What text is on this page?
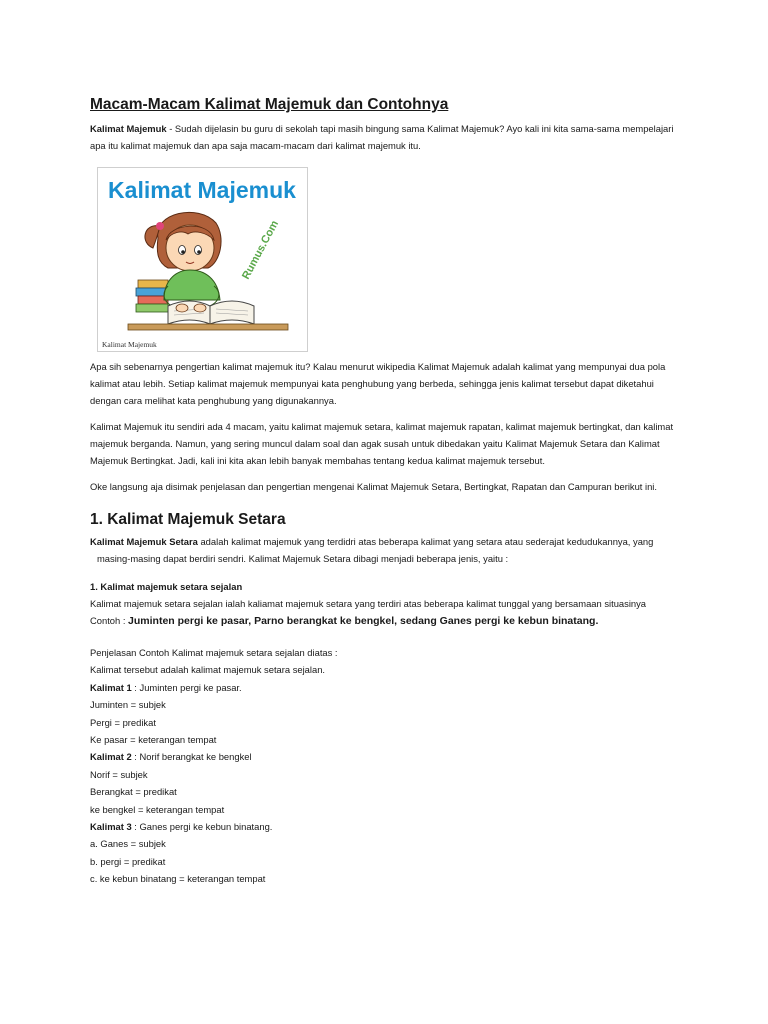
Macam-Macam Kalimat Majemuk dan Contohnya

Kalimat Majemuk - Sudah dijelasin bu guru di sekolah tapi masih bingung sama Kalimat Majemuk? Ayo kali ini kita sama-sama mempelajari

apa itu kalimat majemuk dan apa saja macam-macam dari kalimat majemuk itu.

Kalimat Majemuk
Rumus.Com
Kalimat Majemuk

Apa sih sebenarnya pengertian kalimat majemuk itu? Kalau menurut wikipedia Kalimat Majemuk adalah kalimat yang mempunyai dua pola

kalimat atau lebih. Setiap kalimat majemuk mempunyai kata penghubung yang berbeda, sehingga jenis kalimat tersebut dapat diketahui

dengan cara melihat kata penghubung yang digunakannya.

Kalimat Majemuk itu sendiri ada 4 macam, yaitu kalimat majemuk setara, kalimat majemuk rapatan, kalimat majemuk bertingkat, dan kalimat

majemuk berganda. Namun, yang sering muncul dalam soal dan agak susah untuk dibedakan yaitu Kalimat Majemuk Setara dan Kalimat

Majemuk Bertingkat. Jadi, kali ini kita akan lebih banyak membahas tentang kedua kalimat majemuk tersebut.

Oke langsung aja disimak penjelasan dan pengertian mengenai Kalimat Majemuk Setara, Bertingkat, Rapatan dan Campuran berikut ini.

1. Kalimat Majemuk Setara

Kalimat Majemuk Setara adalah kalimat majemuk yang terdidri atas beberapa kalimat yang setara atau sederajat kedudukannya, yang

masing-masing dapat berdiri sendri. Kalimat Majemuk Setara dibagi menjadi beberapa jenis, yaitu :

1. Kalimat majemuk setara sejalan

Kalimat majemuk setara sejalan ialah kaliamat majemuk setara yang terdiri atas beberapa kalimat tunggal yang bersamaan situasinya

Contoh : Juminten pergi ke pasar, Parno berangkat ke bengkel, sedang Ganes pergi ke kebun binatang.

Penjelasan Contoh Kalimat majemuk setara sejalan diatas :

Kalimat tersebut adalah kalimat majemuk setara sejalan.

Kalimat 1 : Juminten pergi ke pasar.

Juminten = subjek

Pergi = predikat

Ke pasar = keterangan tempat

Kalimat 2 : Norif berangkat ke bengkel

Norif = subjek

Berangkat = predikat

ke bengkel = keterangan tempat

Kalimat 3 : Ganes pergi ke kebun binatang.

a. Ganes = subjek

b. pergi = predikat

c. ke kebun binatang = keterangan tempat
